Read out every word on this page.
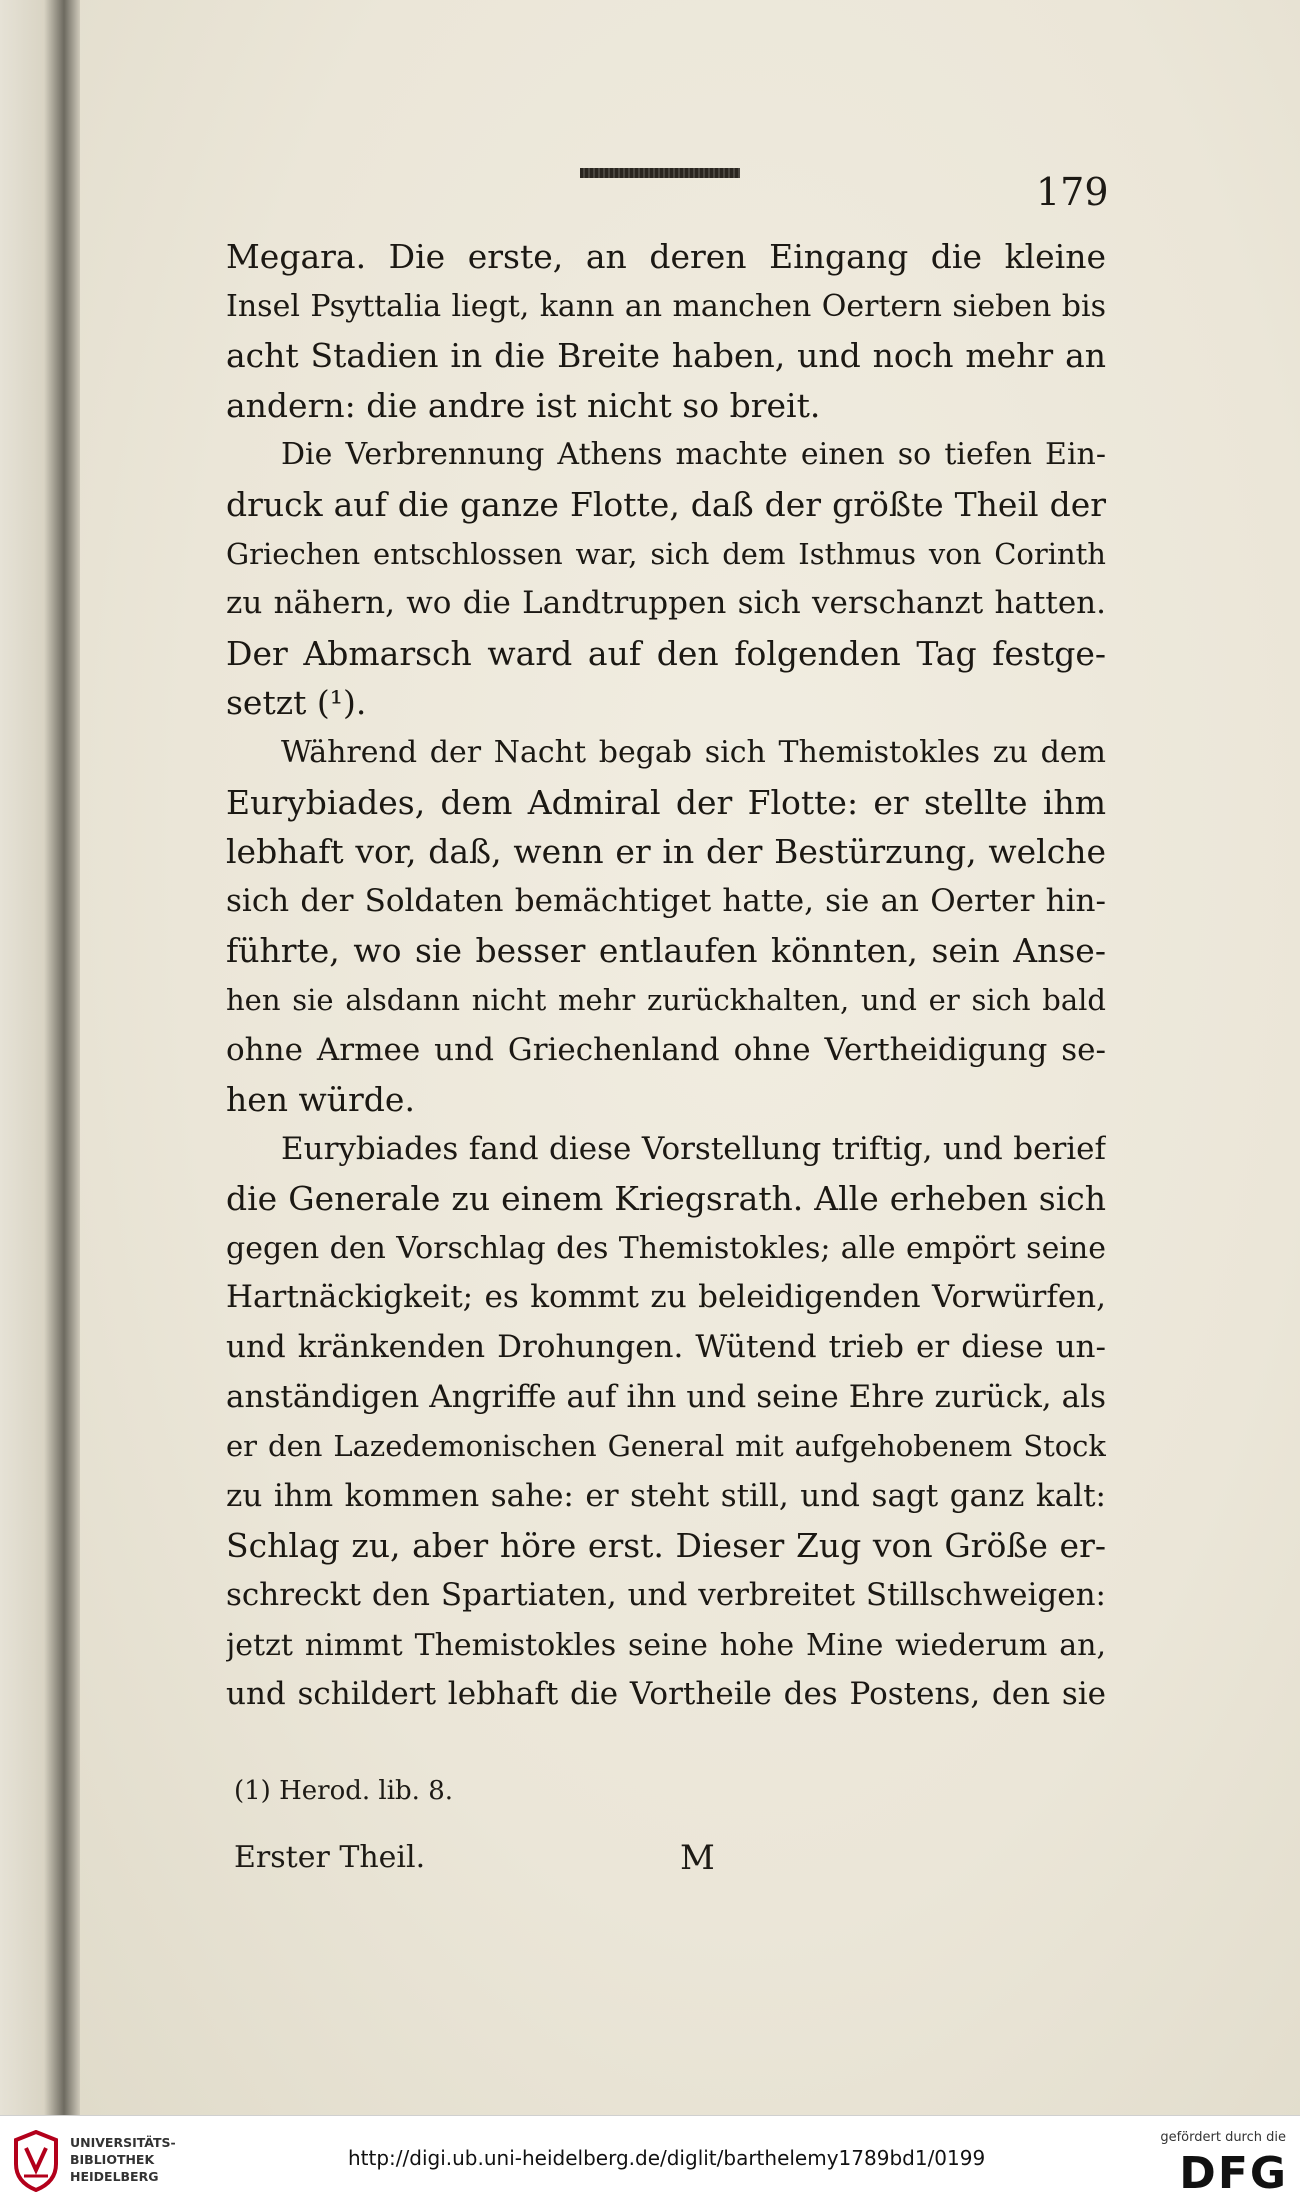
179
Megara. Die erste, an deren Eingang die kleine
Insel Psyttalia liegt, kann an manchen Oertern sieben bis
acht Stadien in die Breite haben, und noch mehr an
andern: die andre ist nicht so breit.
Die Verbrennung Athens machte einen so tiefen Ein-
druck auf die ganze Flotte, daß der größte Theil der
Griechen entschlossen war, sich dem Isthmus von Corinth
zu nähern, wo die Landtruppen sich verschanzt hatten.
Der Abmarsch ward auf den folgenden Tag festge-
setzt (¹).
Während der Nacht begab sich Themistokles zu dem
Eurybiades, dem Admiral der Flotte: er stellte ihm
lebhaft vor, daß, wenn er in der Bestürzung, welche
sich der Soldaten bemächtiget hatte, sie an Oerter hin-
führte, wo sie besser entlaufen könnten, sein Anse-
hen sie alsdann nicht mehr zurückhalten, und er sich bald
ohne Armee und Griechenland ohne Vertheidigung se-
hen würde.
Eurybiades fand diese Vorstellung triftig, und berief
die Generale zu einem Kriegsrath. Alle erheben sich
gegen den Vorschlag des Themistokles; alle empört seine
Hartnäckigkeit; es kommt zu beleidigenden Vorwürfen,
und kränkenden Drohungen. Wütend trieb er diese un-
anständigen Angriffe auf ihn und seine Ehre zurück, als
er den Lazedemonischen General mit aufgehobenem Stock
zu ihm kommen sahe: er steht still, und sagt ganz kalt:
Schlag zu, aber höre erst. Dieser Zug von Größe er-
schreckt den Spartiaten, und verbreitet Stillschweigen:
jetzt nimmt Themistokles seine hohe Mine wiederum an,
und schildert lebhaft die Vortheile des Postens, den sie
(1) Herod. lib. 8.
Erster Theil.	M
UNIVERSITÄTS-
BIBLIOTHEK
HEIDELBERG
http://digi.ub.uni-heidelberg.de/diglit/barthelemy1789bd1/0199
gefördert durch die
DFG
